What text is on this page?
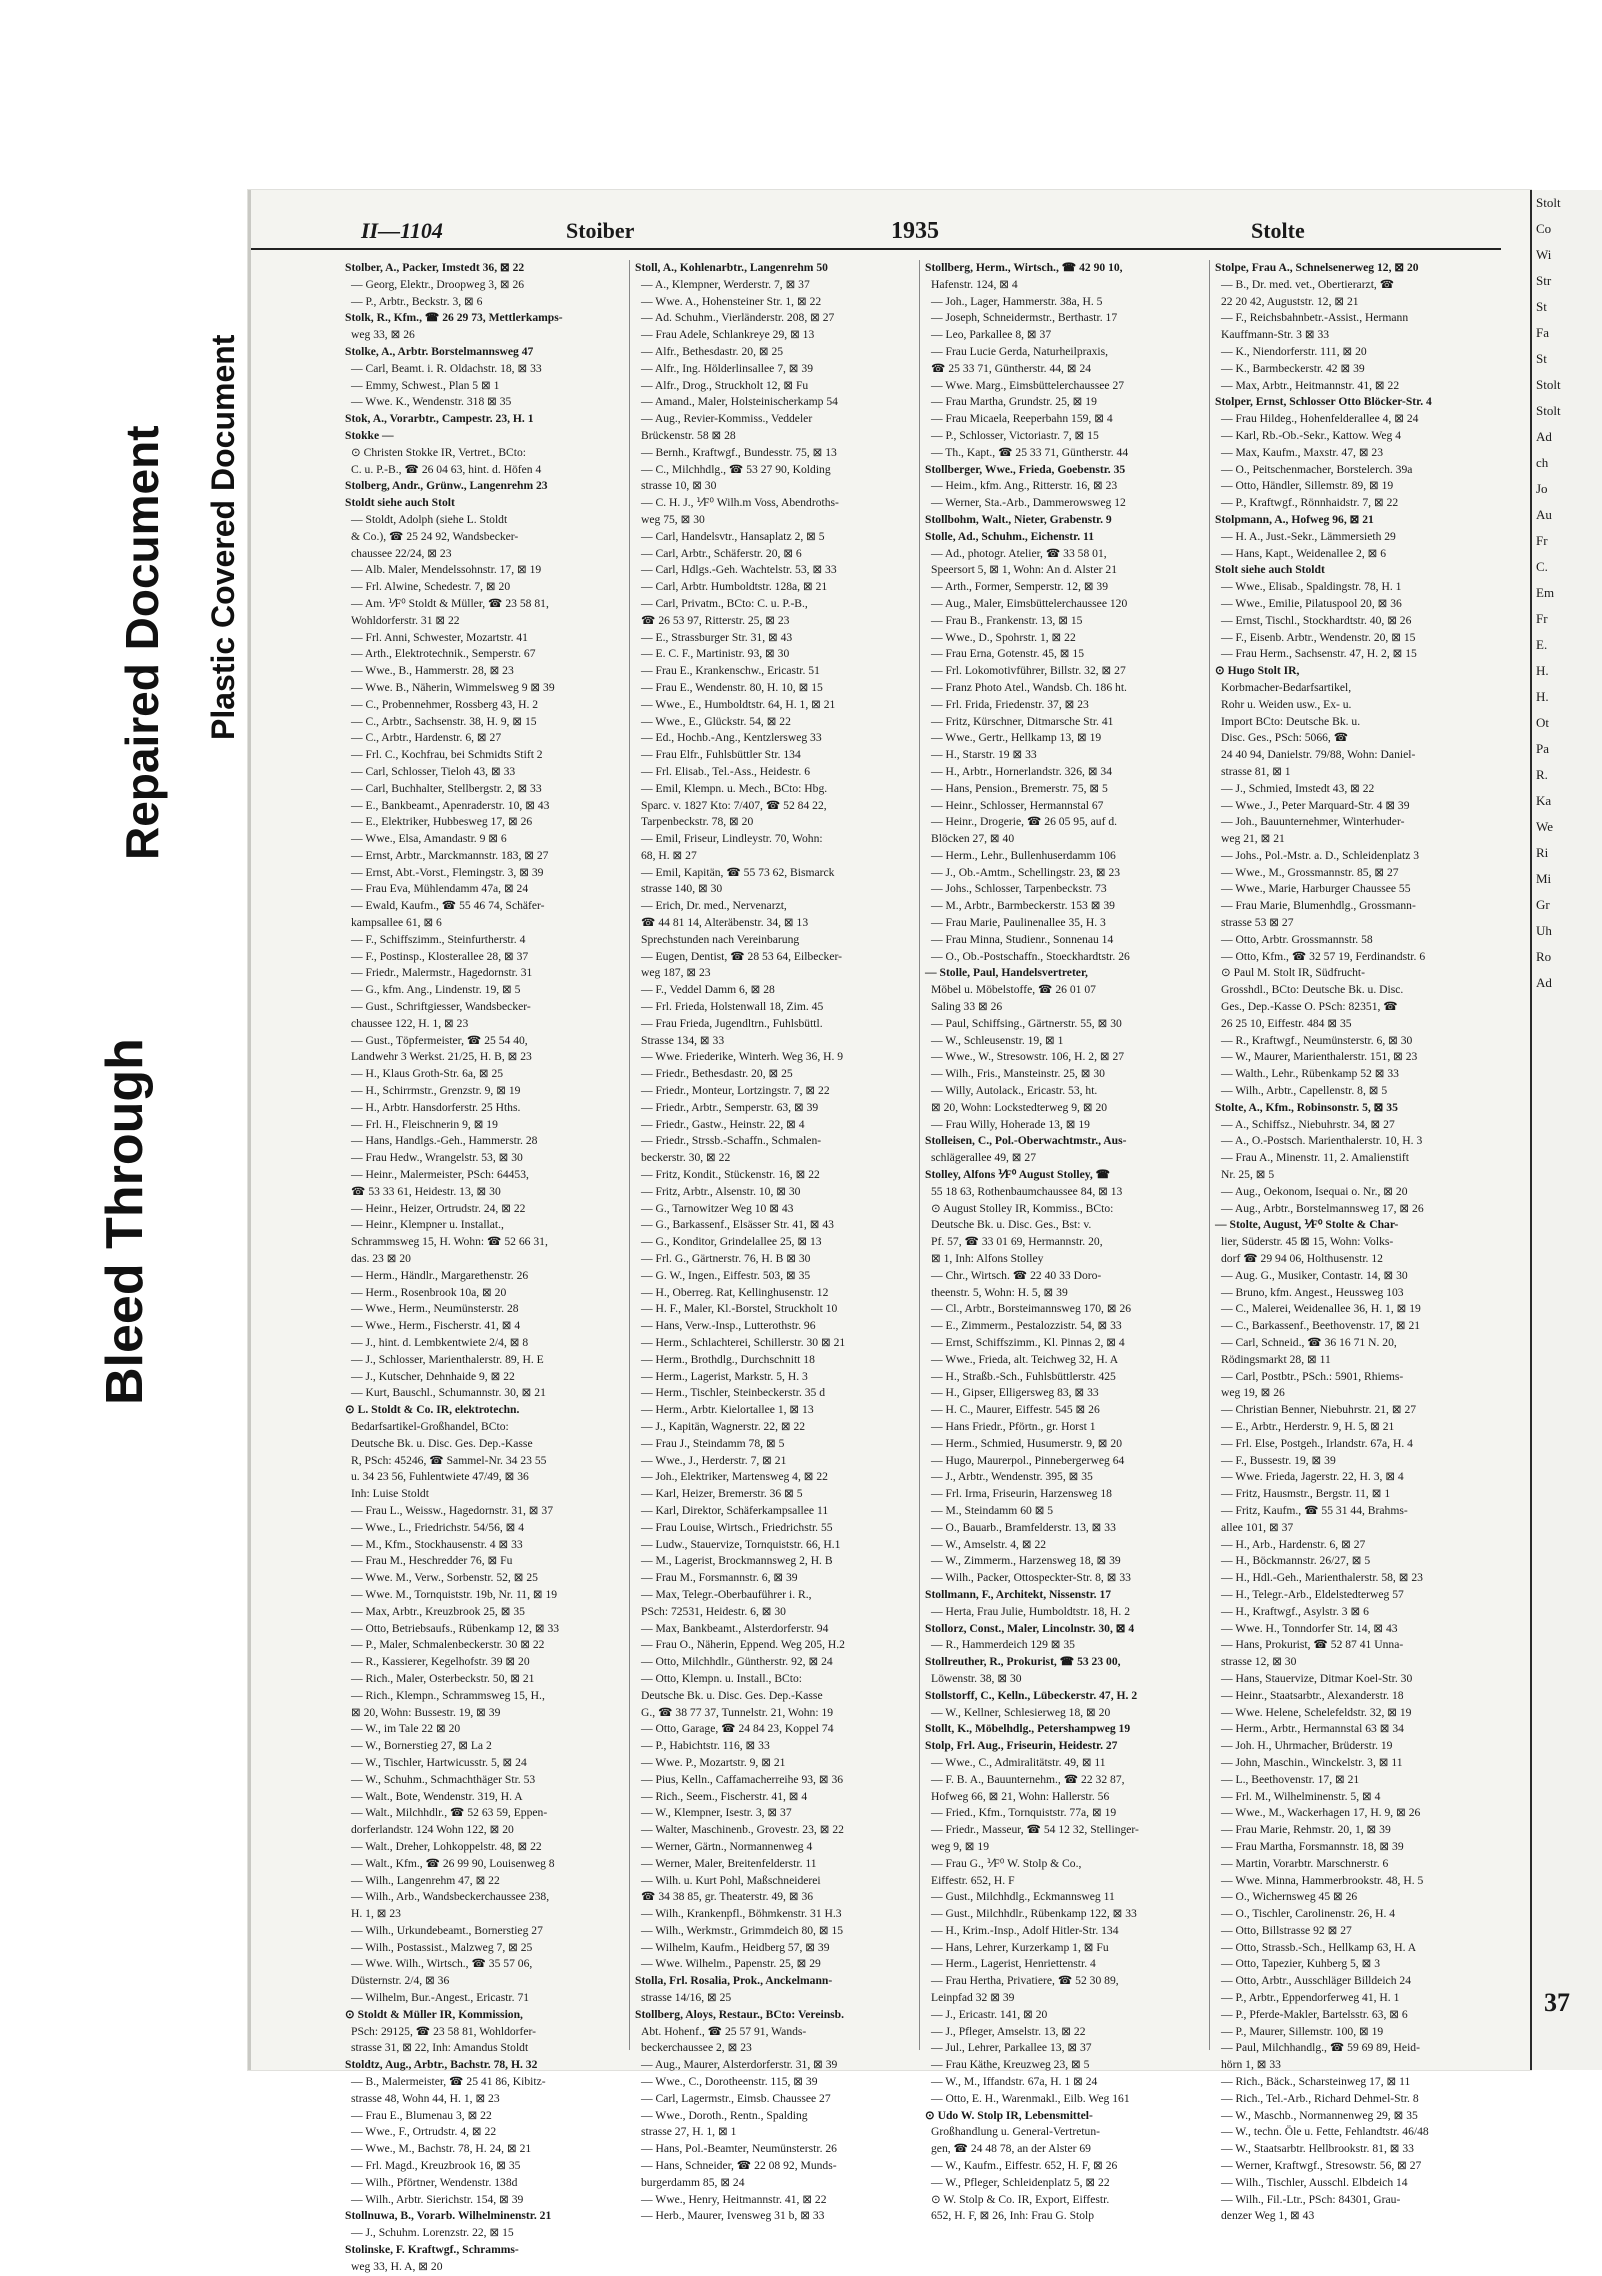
Bleed Through
Repaired Document Plastic Covered Document
II—1104	Stoiber	1935	Stolte
Stolber, A., Packer, Imstedt 36, ⊠ 22
— Georg, Elektr., Droopweg 3, ⊠ 26
— P., Arbtr., Beckstr. 3, ⊠ 6
Stolk, R., Kfm., ☎ 26 29 73, Mettlerkamps-
weg 33, ⊠ 26
Stolke, A., Arbtr. Borstelmannsweg 47
— Carl, Beamt. i. R. Oldachstr. 18, ⊠ 33
— Emmy, Schwest., Plan 5 ⊠ 1
— Wwe. K., Wendenstr. 318 ⊠ 35
Stok, A., Vorarbtr., Campestr. 23, H. 1
Stokke —
⊙ Christen Stokke IR, Vertret., BCto:
C. u. P.-B., ☎ 26 04 63, hint. d. Höfen 4
Stolberg, Andr., Grünw., Langenrehm 23
Stoldt siehe auch Stolt
— Stoldt, Adolph (siehe L. Stoldt
& Co.), ☎ 25 24 92, Wandsbecker-
chaussee 22/24, ⊠ 23
— Alb. Maler, Mendelssohnstr. 17, ⊠ 19
— Frl. Alwine, Schedestr. 7, ⊠ 20
— Am. ⅟F⁰ Stoldt & Müller, ☎ 23 58 81,
Wohldorferstr. 31 ⊠ 22
— Frl. Anni, Schwester, Mozartstr. 41
— Arth., Elektrotechnik., Semperstr. 67
— Wwe., B., Hammerstr. 28, ⊠ 23
— Wwe. B., Näherin, Wimmelsweg 9 ⊠ 39
— C., Probennehmer, Rossberg 43, H. 2
— C., Arbtr., Sachsenstr. 38, H. 9, ⊠ 15
— C., Arbtr., Hardenstr. 6, ⊠ 27
— Frl. C., Kochfrau, bei Schmidts Stift 2
— Carl, Schlosser, Tieloh 43, ⊠ 33
— Carl, Buchhalter, Stellbergstr. 2, ⊠ 33
— E., Bankbeamt., Apenraderstr. 10, ⊠ 43
— E., Elektriker, Hubbesweg 17, ⊠ 26
— Wwe., Elsa, Amandastr. 9 ⊠ 6
— Ernst, Arbtr., Marckmannstr. 183, ⊠ 27
— Ernst, Abt.-Vorst., Flemingstr. 3, ⊠ 39
— Frau Eva, Mühlendamm 47a, ⊠ 24
— Ewald, Kaufm., ☎ 55 46 74, Schäfer-
kampsallee 61, ⊠ 6
— F., Schiffszimm., Steinfurtherstr. 4
— F., Postinsp., Klosterallee 28, ⊠ 37
— Friedr., Malermstr., Hagedornstr. 31
— G., kfm. Ang., Lindenstr. 19, ⊠ 5
— Gust., Schriftgiesser, Wandsbecker-
chaussee 122, H. 1, ⊠ 23
— Gust., Töpfermeister, ☎ 25 54 40,
Landwehr 3 Werkst. 21/25, H. B, ⊠ 23
— H., Klaus Groth-Str. 6a, ⊠ 25
— H., Schirrmstr., Grenzstr. 9, ⊠ 19
— H., Arbtr. Hansdorferstr. 25 Hths.
— Frl. H., Fleischnerin 9, ⊠ 19
— Hans, Handlgs.-Geh., Hammerstr. 28
— Frau Hedw., Wrangelstr. 53, ⊠ 30
— Heinr., Malermeister, PSch: 64453,
☎ 53 33 61, Heidestr. 13, ⊠ 30
— Heinr., Heizer, Ortrudstr. 24, ⊠ 22
— Heinr., Klempner u. Installat.,
Schrammsweg 15, H. Wohn: ☎ 52 66 31,
das. 23 ⊠ 20
— Herm., Händlr., Margarethenstr. 26
— Herm., Rosenbrook 10a, ⊠ 20
— Wwe., Herm., Neumünsterstr. 28
— Wwe., Herm., Fischerstr. 41, ⊠ 4
— J., hint. d. Lembkentwiete 2/4, ⊠ 8
— J., Schlosser, Marienthalerstr. 89, H. E
— J., Kutscher, Dehnhaide 9, ⊠ 22
— Kurt, Bauschl., Schumannstr. 30, ⊠ 21
⊙ L. Stoldt & Co. IR, elektrotechn.
Bedarfsartikel-Großhandel, BCto:
Deutsche Bk. u. Disc. Ges. Dep.-Kasse
R, PSch: 45246, ☎ Sammel-Nr. 34 23 55
u. 34 23 56, Fuhlentwiete 47/49, ⊠ 36
Inh: Luise Stoldt
— Frau L., Weissw., Hagedornstr. 31, ⊠ 37
— Wwe., L., Friedrichstr. 54/56, ⊠ 4
— M., Kfm., Stockhausenstr. 4 ⊠ 33
— Frau M., Heschredder 76, ⊠ Fu
— Wwe. M., Verw., Sorbenstr. 52, ⊠ 25
— Wwe. M., Tornquiststr. 19b, Nr. 11, ⊠ 19
— Max, Arbtr., Kreuzbrook 25, ⊠ 35
— Otto, Betriebsaufs., Rübenkamp 12, ⊠ 33
— P., Maler, Schmalenbeckerstr. 30 ⊠ 22
— R., Kassierer, Kegelhofstr. 39 ⊠ 20
— Rich., Maler, Osterbeckstr. 50, ⊠ 21
— Rich., Klempn., Schrammsweg 15, H.,
⊠ 20, Wohn: Bussestr. 19, ⊠ 39
— W., im Tale 22 ⊠ 20
— W., Bornerstieg 27, ⊠ La 2
— W., Tischler, Hartwicusstr. 5, ⊠ 24
— W., Schuhm., Schmachthäger Str. 53
— Walt., Bote, Wendenstr. 319, H. A
— Walt., Milchhdlr., ☎ 52 63 59, Eppen-
dorferlandstr. 124 Wohn 122, ⊠ 20
— Walt., Dreher, Lohkoppelstr. 48, ⊠ 22
— Walt., Kfm., ☎ 26 99 90, Louisenweg 8
— Wilh., Langenrehm 47, ⊠ 22
— Wilh., Arb., Wandsbeckerchaussee 238,
H. 1, ⊠ 23
— Wilh., Urkundebeamt., Bornerstieg 27
— Wilh., Postassist., Malzweg 7, ⊠ 25
— Wwe. Wilh., Wirtsch., ☎ 35 57 06,
Düsternstr. 2/4, ⊠ 36
— Wilhelm, Bur.-Angest., Ericastr. 71
⊙ Stoldt & Müller IR, Kommission,
PSch: 29125, ☎ 23 58 81, Wohldorfer-
strasse 31, ⊠ 22, Inh: Amandus Stoldt
Stoldtz, Aug., Arbtr., Bachstr. 78, H. 32
— B., Malermeister, ☎ 25 41 86, Kibitz-
strasse 48, Wohn 44, H. 1, ⊠ 23
— Frau E., Blumenau 3, ⊠ 22
— Wwe., F., Ortrudstr. 4, ⊠ 22
— Wwe., M., Bachstr. 78, H. 24, ⊠ 21
— Frl. Magd., Kreuzbrook 16, ⊠ 35
— Wilh., Pförtner, Wendenstr. 138d
— Wilh., Arbtr. Sierichstr. 154, ⊠ 39
Stollnuwa, B., Vorarb. Wilhelminenstr. 21
— J., Schuhm. Lorenzstr. 22, ⊠ 15
Stolinske, F. Kraftwgf., Schramms-
weg 33, H. A, ⊠ 20
Stoll, A., Kohlenarbtr., Langenrehm 50
— A., Klempner, Werderstr. 7, ⊠ 37
— Wwe. A., Hohensteiner Str. 1, ⊠ 22
— Ad. Schuhm., Vierländerstr. 208, ⊠ 27
— Frau Adele, Schlankreye 29, ⊠ 13
— Alfr., Bethesdastr. 20, ⊠ 25
— Alfr., Ing. Hölderlinsallee 7, ⊠ 39
— Alfr., Drog., Struckholt 12, ⊠ Fu
— Amand., Maler, Holsteinischerkamp 54
— Aug., Revier-Kommiss., Veddeler
Brückenstr. 58 ⊠ 28
— Bernh., Kraftwgf., Bundesstr. 75, ⊠ 13
— C., Milchhdlg., ☎ 53 27 90, Kolding
strasse 10, ⊠ 30
— C. H. J., ⅟F⁰ Wilh.m Voss, Abendroths-
weg 75, ⊠ 30
— Carl, Handelsvtr., Hansaplatz 2, ⊠ 5
— Carl, Arbtr., Schäferstr. 20, ⊠ 6
— Carl, Hdlgs.-Geh. Wachtelstr. 53, ⊠ 33
— Carl, Arbtr. Humboldtstr. 128a, ⊠ 21
— Carl, Privatm., BCto: C. u. P.-B.,
☎ 26 53 97, Ritterstr. 25, ⊠ 23
— E., Strassburger Str. 31, ⊠ 43
— E. C. F., Martinistr. 93, ⊠ 30
— Frau E., Krankenschw., Ericastr. 51
— Frau E., Wendenstr. 80, H. 10, ⊠ 15
— Wwe., E., Humboldtstr. 64, H. 1, ⊠ 21
— Wwe., E., Glückstr. 54, ⊠ 22
— Ed., Hochb.-Ang., Kentzlersweg 33
— Frau Elfr., Fuhlsbüttler Str. 134
— Frl. Elisab., Tel.-Ass., Heidestr. 6
— Emil, Klempn. u. Mech., BCto: Hbg.
Sparc. v. 1827 Kto: 7/407, ☎ 52 84 22,
Tarpenbeckstr. 78, ⊠ 20
— Emil, Friseur, Lindleystr. 70, Wohn:
68, H. ⊠ 27
— Emil, Kapitän, ☎ 55 73 62, Bismarck
strasse 140, ⊠ 30
— Erich, Dr. med., Nervenarzt,
☎ 44 81 14, Alteräbenstr. 34, ⊠ 13
Sprechstunden nach Vereinbarung
— Eugen, Dentist, ☎ 28 53 64, Eilbecker-
weg 187, ⊠ 23
— F., Veddel Damm 6, ⊠ 28
— Frl. Frieda, Holstenwall 18, Zim. 45
— Frau Frieda, Jugendltrn., Fuhlsbüttl.
Strasse 134, ⊠ 33
— Wwe. Friederike, Winterh. Weg 36, H. 9
— Friedr., Bethesdastr. 20, ⊠ 25
— Friedr., Monteur, Lortzingstr. 7, ⊠ 22
— Friedr., Arbtr., Semperstr. 63, ⊠ 39
— Friedr., Gastw., Heinstr. 22, ⊠ 4
— Friedr., Strssb.-Schaffn., Schmalen-
beckerstr. 30, ⊠ 22
— Fritz, Kondit., Stückenstr. 16, ⊠ 22
— Fritz, Arbtr., Alsenstr. 10, ⊠ 30
— G., Tarnowitzer Weg 10 ⊠ 43
— G., Barkassenf., Elsässer Str. 41, ⊠ 43
— G., Konditor, Grindelallee 25, ⊠ 13
— Frl. G., Gärtnerstr. 76, H. B ⊠ 30
— G. W., Ingen., Eiffestr. 503, ⊠ 35
— H., Oberreg. Rat, Kellinghusenstr. 12
— H. F., Maler, Kl.-Borstel, Struckholt 10
— Hans, Verw.-Insp., Lutterothstr. 96
— Herm., Schlachterei, Schillerstr. 30 ⊠ 21
— Herm., Brothdlg., Durchschnitt 18
— Herm., Lagerist, Markstr. 5, H. 3
— Herm., Tischler, Steinbeckerstr. 35 d
— Herm., Arbtr. Kielortallee 1, ⊠ 13
— J., Kapitän, Wagnerstr. 22, ⊠ 22
— Frau J., Steindamm 78, ⊠ 5
— Wwe., J., Herderstr. 7, ⊠ 21
— Joh., Elektriker, Martensweg 4, ⊠ 22
— Karl, Heizer, Bremerstr. 36 ⊠ 5
— Karl, Direktor, Schäferkampsallee 11
— Frau Louise, Wirtsch., Friedrichstr. 55
— Ludw., Stauervize, Tornquiststr. 66, H.1
— M., Lagerist, Brockmannsweg 2, H. B
— Frau M., Forsmannstr. 6, ⊠ 39
— Max, Telegr.-Oberbauführer i. R.,
PSch: 72531, Heidestr. 6, ⊠ 30
— Max, Bankbeamt., Alsterdorferstr. 94
— Frau O., Näherin, Eppend. Weg 205, H.2
— Otto, Milchhdlr., Güntherstr. 92, ⊠ 24
— Otto, Klempn. u. Install., BCto:
Deutsche Bk. u. Disc. Ges. Dep.-Kasse
G., ☎ 38 77 37, Tunnelstr. 21, Wohn: 19
— Otto, Garage, ☎ 24 84 23, Koppel 74
— P., Habichtstr. 116, ⊠ 33
— Wwe. P., Mozartstr. 9, ⊠ 21
— Pius, Kelln., Caffamacherreihe 93, ⊠ 36
— Rich., Seem., Fischerstr. 41, ⊠ 4
— W., Klempner, Isestr. 3, ⊠ 37
— Walter, Maschinenb., Grovestr. 23, ⊠ 22
— Werner, Gärtn., Normannenweg 4
— Werner, Maler, Breitenfelderstr. 11
— Wilh. u. Kurt Pohl, Maßschneiderei
☎ 34 38 85, gr. Theaterstr. 49, ⊠ 36
— Wilh., Krankenpfl., Böhmkenstr. 31 H.3
— Wilh., Werkmstr., Grimmdeich 80, ⊠ 15
— Wilhelm, Kaufm., Heidberg 57, ⊠ 39
— Wwe. Wilhelm., Papenstr. 25, ⊠ 29
Stolla, Frl. Rosalia, Prok., Anckelmann-
strasse 14/16, ⊠ 25
Stollberg, Aloys, Restaur., BCto: Vereinsb.
Abt. Hohenf., ☎ 25 57 91, Wands-
beckerchaussee 2, ⊠ 23
— Aug., Maurer, Alsterdorferstr. 31, ⊠ 39
— Wwe., C., Dorotheenstr. 115, ⊠ 39
— Carl, Lagermstr., Eimsb. Chaussee 27
— Wwe., Doroth., Rentn., Spalding
strasse 27, H. 1, ⊠ 1
— Hans, Pol.-Beamter, Neumünsterstr. 26
— Hans, Schneider, ☎ 22 08 92, Munds-
burgerdamm 85, ⊠ 24
— Wwe., Henry, Heitmannstr. 41, ⊠ 22
— Herb., Maurer, Ivensweg 31 b, ⊠ 33
Stollberg, Herm., Wirtsch., ☎ 42 90 10,
Hafenstr. 124, ⊠ 4
— Joh., Lager, Hammerstr. 38a, H. 5
— Joseph, Schneidermstr., Berthastr. 17
— Leo, Parkallee 8, ⊠ 37
— Frau Lucie Gerda, Naturheilpraxis,
☎ 25 33 71, Güntherstr. 44, ⊠ 24
— Wwe. Marg., Eimsbüttelerchaussee 27
— Frau Martha, Grundstr. 25, ⊠ 19
— Frau Micaela, Reeperbahn 159, ⊠ 4
— P., Schlosser, Victoriastr. 7, ⊠ 15
— Th., Kapt., ☎ 25 33 71, Güntherstr. 44
Stollberger, Wwe., Frieda, Goebenstr. 35
— Heim., kfm. Ang., Ritterstr. 16, ⊠ 23
— Werner, Sta.-Arb., Dammerowsweg 12
Stollbohm, Walt., Nieter, Grabenstr. 9
Stolle, Ad., Schuhm., Eichenstr. 11
— Ad., photogr. Atelier, ☎ 33 58 01,
Speersort 5, ⊠ 1, Wohn: An d. Alster 21
— Arth., Former, Semperstr. 12, ⊠ 39
— Aug., Maler, Eimsbüttelerchaussee 120
— Frau B., Frankenstr. 13, ⊠ 15
— Wwe., D., Spohrstr. 1, ⊠ 22
— Frau Erna, Gotenstr. 45, ⊠ 15
— Frl. Lokomotivführer, Billstr. 32, ⊠ 27
— Franz Photo Atel., Wandsb. Ch. 186 ht.
— Frl. Frida, Friedenstr. 37, ⊠ 23
— Fritz, Kürschner, Ditmarsche Str. 41
— Wwe., Gertr., Hellkamp 13, ⊠ 19
— H., Starstr. 19 ⊠ 33
— H., Arbtr., Hornerlandstr. 326, ⊠ 34
— Hans, Pension., Bremerstr. 75, ⊠ 5
— Heinr., Schlosser, Hermannstal 67
— Heinr., Drogerie, ☎ 26 05 95, auf d.
Blöcken 27, ⊠ 40
— Herm., Lehr., Bullenhuserdamm 106
— J., Ob.-Amtm., Schellingstr. 23, ⊠ 23
— Johs., Schlosser, Tarpenbeckstr. 73
— M., Arbtr., Barmbeckerstr. 153 ⊠ 39
— Frau Marie, Paulinenallee 35, H. 3
— Frau Minna, Studienr., Sonnenau 14
— O., Ob.-Postschaffn., Stoeckhardtstr. 26
— Stolle, Paul, Handelsvertreter,
Möbel u. Möbelstoffe, ☎ 26 01 07
Saling 33 ⊠ 26
— Paul, Schiffsing., Gärtnerstr. 55, ⊠ 30
— W., Schleusenstr. 19, ⊠ 1
— Wwe., W., Stresowstr. 106, H. 2, ⊠ 27
— Wilh., Fris., Mansteinstr. 25, ⊠ 30
— Willy, Autolack., Ericastr. 53, ht.
⊠ 20, Wohn: Lockstedterweg 9, ⊠ 20
— Frau Willy, Hoherade 13, ⊠ 19
Stolleisen, C., Pol.-Oberwachtmstr., Aus-
schlägerallee 49, ⊠ 27
Stolley, Alfons ⅟F⁰ August Stolley, ☎
55 18 63, Rothenbaumchaussee 84, ⊠ 13
⊙ August Stolley IR, Kommiss., BCto:
Deutsche Bk. u. Disc. Ges., Bst: v.
Pf. 57, ☎ 33 01 69, Hermannstr. 20,
⊠ 1, Inh: Alfons Stolley
— Chr., Wirtsch. ☎ 22 40 33 Doro-
theenstr. 5, Wohn: H. 5, ⊠ 39
— Cl., Arbtr., Borsteimannsweg 170, ⊠ 26
— E., Zimmerm., Pestalozzistr. 54, ⊠ 33
— Ernst, Schiffszimm., Kl. Pinnas 2, ⊠ 4
— Wwe., Frieda, alt. Teichweg 32, H. A
— H., Straßb.-Sch., Fuhlsbüttlerstr. 425
— H., Gipser, Elligersweg 83, ⊠ 33
— H. C., Maurer, Eiffestr. 545 ⊠ 26
— Hans Friedr., Pförtn., gr. Horst 1
— Herm., Schmied, Husumerstr. 9, ⊠ 20
— Hugo, Maurerpol., Pinnebergerweg 64
— J., Arbtr., Wendenstr. 395, ⊠ 35
— Frl. Irma, Friseurin, Harzensweg 18
— M., Steindamm 60 ⊠ 5
— O., Bauarb., Bramfelderstr. 13, ⊠ 33
— W., Amselstr. 4, ⊠ 22
— W., Zimmerm., Harzensweg 18, ⊠ 39
— Wilh., Packer, Ottospeckter-Str. 8, ⊠ 33
Stollmann, F., Architekt, Nissenstr. 17
— Herta, Frau Julie, Humboldtstr. 18, H. 2
Stollorz, Const., Maler, Lincolnstr. 30, ⊠ 4
— R., Hammerdeich 129 ⊠ 35
Stollreuther, R., Prokurist, ☎ 53 23 00,
Löwenstr. 38, ⊠ 30
Stollstorff, C., Kelln., Lübeckerstr. 47, H. 2
— W., Kellner, Schlesierweg 18, ⊠ 20
Stollt, K., Möbelhdlg., Petershampweg 19
Stolp, Frl. Aug., Friseurin, Heidestr. 27
— Wwe., C., Admiralitätstr. 49, ⊠ 11
— F. B. A., Bauunternehm., ☎ 22 32 87,
Hofweg 66, ⊠ 21, Wohn: Hallerstr. 56
— Fried., Kfm., Tornquiststr. 77a, ⊠ 19
— Friedr., Masseur, ☎ 54 12 32, Stellinger-
weg 9, ⊠ 19
— Frau G., ⅟F⁰ W. Stolp & Co.,
Eiffestr. 652, H. F
— Gust., Milchhdlg., Eckmannsweg 11
— Gust., Milchhdlr., Rübenkamp 122, ⊠ 33
— H., Krim.-Insp., Adolf Hitler-Str. 134
— Hans, Lehrer, Kurzerkamp 1, ⊠ Fu
— Herm., Lagerist, Henriettenstr. 4
— Frau Hertha, Privatiere, ☎ 52 30 89,
Leinpfad 32 ⊠ 39
— J., Ericastr. 141, ⊠ 20
— J., Pfleger, Amselstr. 13, ⊠ 22
— Jul., Lehrer, Parkallee 13, ⊠ 37
— Frau Käthe, Kreuzweg 23, ⊠ 5
— W., M., Iffandstr. 67a, H. 1 ⊠ 24
— Otto, E. H., Warenmakl., Eilb. Weg 161
⊙ Udo W. Stolp IR, Lebensmittel-
Großhandlung u. General-Vertretun-
gen, ☎ 24 48 78, an der Alster 69
— W., Kaufm., Eiffestr. 652, H. F, ⊠ 26
— W., Pfleger, Schleidenplatz 5, ⊠ 22
⊙ W. Stolp & Co. IR, Export, Eiffestr.
652, H. F, ⊠ 26, Inh: Frau G. Stolp
Stolpe, Frau A., Schnelsenerweg 12, ⊠ 20
— B., Dr. med. vet., Obertierarzt, ☎
22 20 42, Auguststr. 12, ⊠ 21
— F., Reichsbahnbetr.-Assist., Hermann
Kauffmann-Str. 3 ⊠ 33
— K., Niendorferstr. 111, ⊠ 20
— K., Barmbeckerstr. 42 ⊠ 39
— Max, Arbtr., Heitmannstr. 41, ⊠ 22
Stolper, Ernst, Schlosser Otto Blöcker-Str. 4
— Frau Hildeg., Hohenfelderallee 4, ⊠ 24
— Karl, Rb.-Ob.-Sekr., Kattow. Weg 4
— Max, Kaufm., Maxstr. 47, ⊠ 23
— O., Peitschenmacher, Borstelerch. 39a
— Otto, Händler, Sillemstr. 89, ⊠ 19
— P., Kraftwgf., Rönnhaidstr. 7, ⊠ 22
Stolpmann, A., Hofweg 96, ⊠ 21
— H. A., Just.-Sekr., Lämmersieth 29
— Hans, Kapt., Weidenallee 2, ⊠ 6
Stolt siehe auch Stoldt
— Wwe., Elisab., Spaldingstr. 78, H. 1
— Wwe., Emilie, Pilatuspool 20, ⊠ 36
— Ernst, Tischl., Stockhardtstr. 40, ⊠ 26
— F., Eisenb. Arbtr., Wendenstr. 20, ⊠ 15
— Frau Herm., Sachsenstr. 47, H. 2, ⊠ 15
⊙ Hugo Stolt IR,
Korbmacher-Bedarfsartikel,
Rohr u. Weiden usw., Ex- u.
Import BCto: Deutsche Bk. u.
Disc. Ges., PSch: 5066, ☎
24 40 94, Danielstr. 79/88, Wohn: Daniel-
strasse 81, ⊠ 1
— J., Schmied, Imstedt 43, ⊠ 22
— Wwe., J., Peter Marquard-Str. 4 ⊠ 39
— Joh., Bauunternehmer, Winterhuder-
weg 21, ⊠ 21
— Johs., Pol.-Mstr. a. D., Schleidenplatz 3
— Wwe., M., Grossmannstr. 85, ⊠ 27
— Wwe., Marie, Harburger Chaussee 55
— Frau Marie, Blumenhdlg., Grossmann-
strasse 53 ⊠ 27
— Otto, Arbtr. Grossmannstr. 58
— Otto, Kfm., ☎ 32 57 19, Ferdinandstr. 6
⊙ Paul M. Stolt IR, Südfrucht-
Grosshdl., BCto: Deutsche Bk. u. Disc.
Ges., Dep.-Kasse O. PSch: 82351, ☎
26 25 10, Eiffestr. 484 ⊠ 35
— R., Kraftwgf., Neumünsterstr. 6, ⊠ 30
— W., Maurer, Marienthalerstr. 151, ⊠ 23
— Walth., Lehr., Rübenkamp 52 ⊠ 33
— Wilh., Arbtr., Capellenstr. 8, ⊠ 5
Stolte, A., Kfm., Robinsonstr. 5, ⊠ 35
— A., Schiffsz., Niebuhrstr. 34, ⊠ 27
— A., O.-Postsch. Marienthalerstr. 10, H. 3
— Frau A., Minenstr. 11, 2. Amalienstift
Nr. 25, ⊠ 5
— Aug., Oekonom, Isequai o. Nr., ⊠ 20
— Aug., Arbtr., Borstelmannsweg 17, ⊠ 26
— Stolte, August, ⅟F⁰ Stolte & Char-
lier, Süderstr. 45 ⊠ 15, Wohn: Volks-
dorf ☎ 29 94 06, Holthusenstr. 12
— Aug. G., Musiker, Contastr. 14, ⊠ 30
— Bruno, kfm. Angest., Heussweg 103
— C., Malerei, Weidenallee 36, H. 1, ⊠ 19
— C., Barkassenf., Beethovenstr. 17, ⊠ 21
— Carl, Schneid., ☎ 36 16 71 N. 20,
Rödingsmarkt 28, ⊠ 11
— Carl, Postbtr., PSch.: 5901, Rhiems-
weg 19, ⊠ 26
— Christian Benner, Niebuhrstr. 21, ⊠ 27
— E., Arbtr., Herderstr. 9, H. 5, ⊠ 21
— Frl. Else, Postgeh., Irlandstr. 67a, H. 4
— F., Bussestr. 19, ⊠ 39
— Wwe. Frieda, Jagerstr. 22, H. 3, ⊠ 4
— Fritz, Hausmstr., Bergstr. 11, ⊠ 1
— Fritz, Kaufm., ☎ 55 31 44, Brahms-
allee 101, ⊠ 37
— H., Arb., Hardenstr. 6, ⊠ 27
— H., Böckmannstr. 26/27, ⊠ 5
— H., Hdl.-Geh., Marienthalerstr. 58, ⊠ 23
— H., Telegr.-Arb., Eldelstedterweg 57
— H., Kraftwgf., Asylstr. 3 ⊠ 6
— Wwe. H., Tonndorfer Str. 14, ⊠ 43
— Hans, Prokurist, ☎ 52 87 41 Unna-
strasse 12, ⊠ 30
— Hans, Stauervize, Ditmar Koel-Str. 30
— Heinr., Staatsarbtr., Alexanderstr. 18
— Wwe. Helene, Schelefeldstr. 32, ⊠ 19
— Herm., Arbtr., Hermannstal 63 ⊠ 34
— Joh. H., Uhrmacher, Brüderstr. 19
— John, Maschin., Winckelstr. 3, ⊠ 11
— L., Beethovenstr. 17, ⊠ 21
— Frl. M., Wilhelminenstr. 5, ⊠ 4
— Wwe., M., Wackerhagen 17, H. 9, ⊠ 26
— Frau Marie, Rehmstr. 20, 1, ⊠ 39
— Frau Martha, Forsmannstr. 18, ⊠ 39
— Martin, Vorarbtr. Marschnerstr. 6
— Wwe. Minna, Hammerbrookstr. 48, H. 5
— O., Wichernsweg 45 ⊠ 26
— O., Tischler, Carolinenstr. 26, H. 4
— Otto, Billstrasse 92 ⊠ 27
— Otto, Strassb.-Sch., Hellkamp 63, H. A
— Otto, Tapezier, Kuhberg 5, ⊠ 3
— Otto, Arbtr., Ausschläger Billdeich 24
— P., Arbtr., Eppendorferweg 41, H. 1
— P., Pferde-Makler, Bartelsstr. 63, ⊠ 6
— P., Maurer, Sillemstr. 100, ⊠ 19
— Paul, Milchhandlg., ☎ 59 69 89, Heid-
hörn 1, ⊠ 33
— Rich., Bäck., Scharsteinweg 17, ⊠ 11
— Rich., Tel.-Arb., Richard Dehmel-Str. 8
— W., Maschb., Normannenweg 29, ⊠ 35
— W., techn. Öle u. Fette, Fehlandtstr. 46/48
— W., Staatsarbtr. Hellbrookstr. 81, ⊠ 33
— Werner, Kraftwgf., Stresowstr. 56, ⊠ 27
— Wilh., Tischler, Ausschl. Elbdeich 14
— Wilh., Fil.-Ltr., PSch: 84301, Grau-
denzer Weg 1, ⊠ 43
Stolt
Co
Wi
Str
St
Fa
St
Stolt
Stolt
Ad
ch
Jo
Au
Fr
C.
Em
Fr
E.
H.
H.
Ot
Pa
R.
Ka
We
Ri
Mi
Gr
Uh
Ro
Ad
37
